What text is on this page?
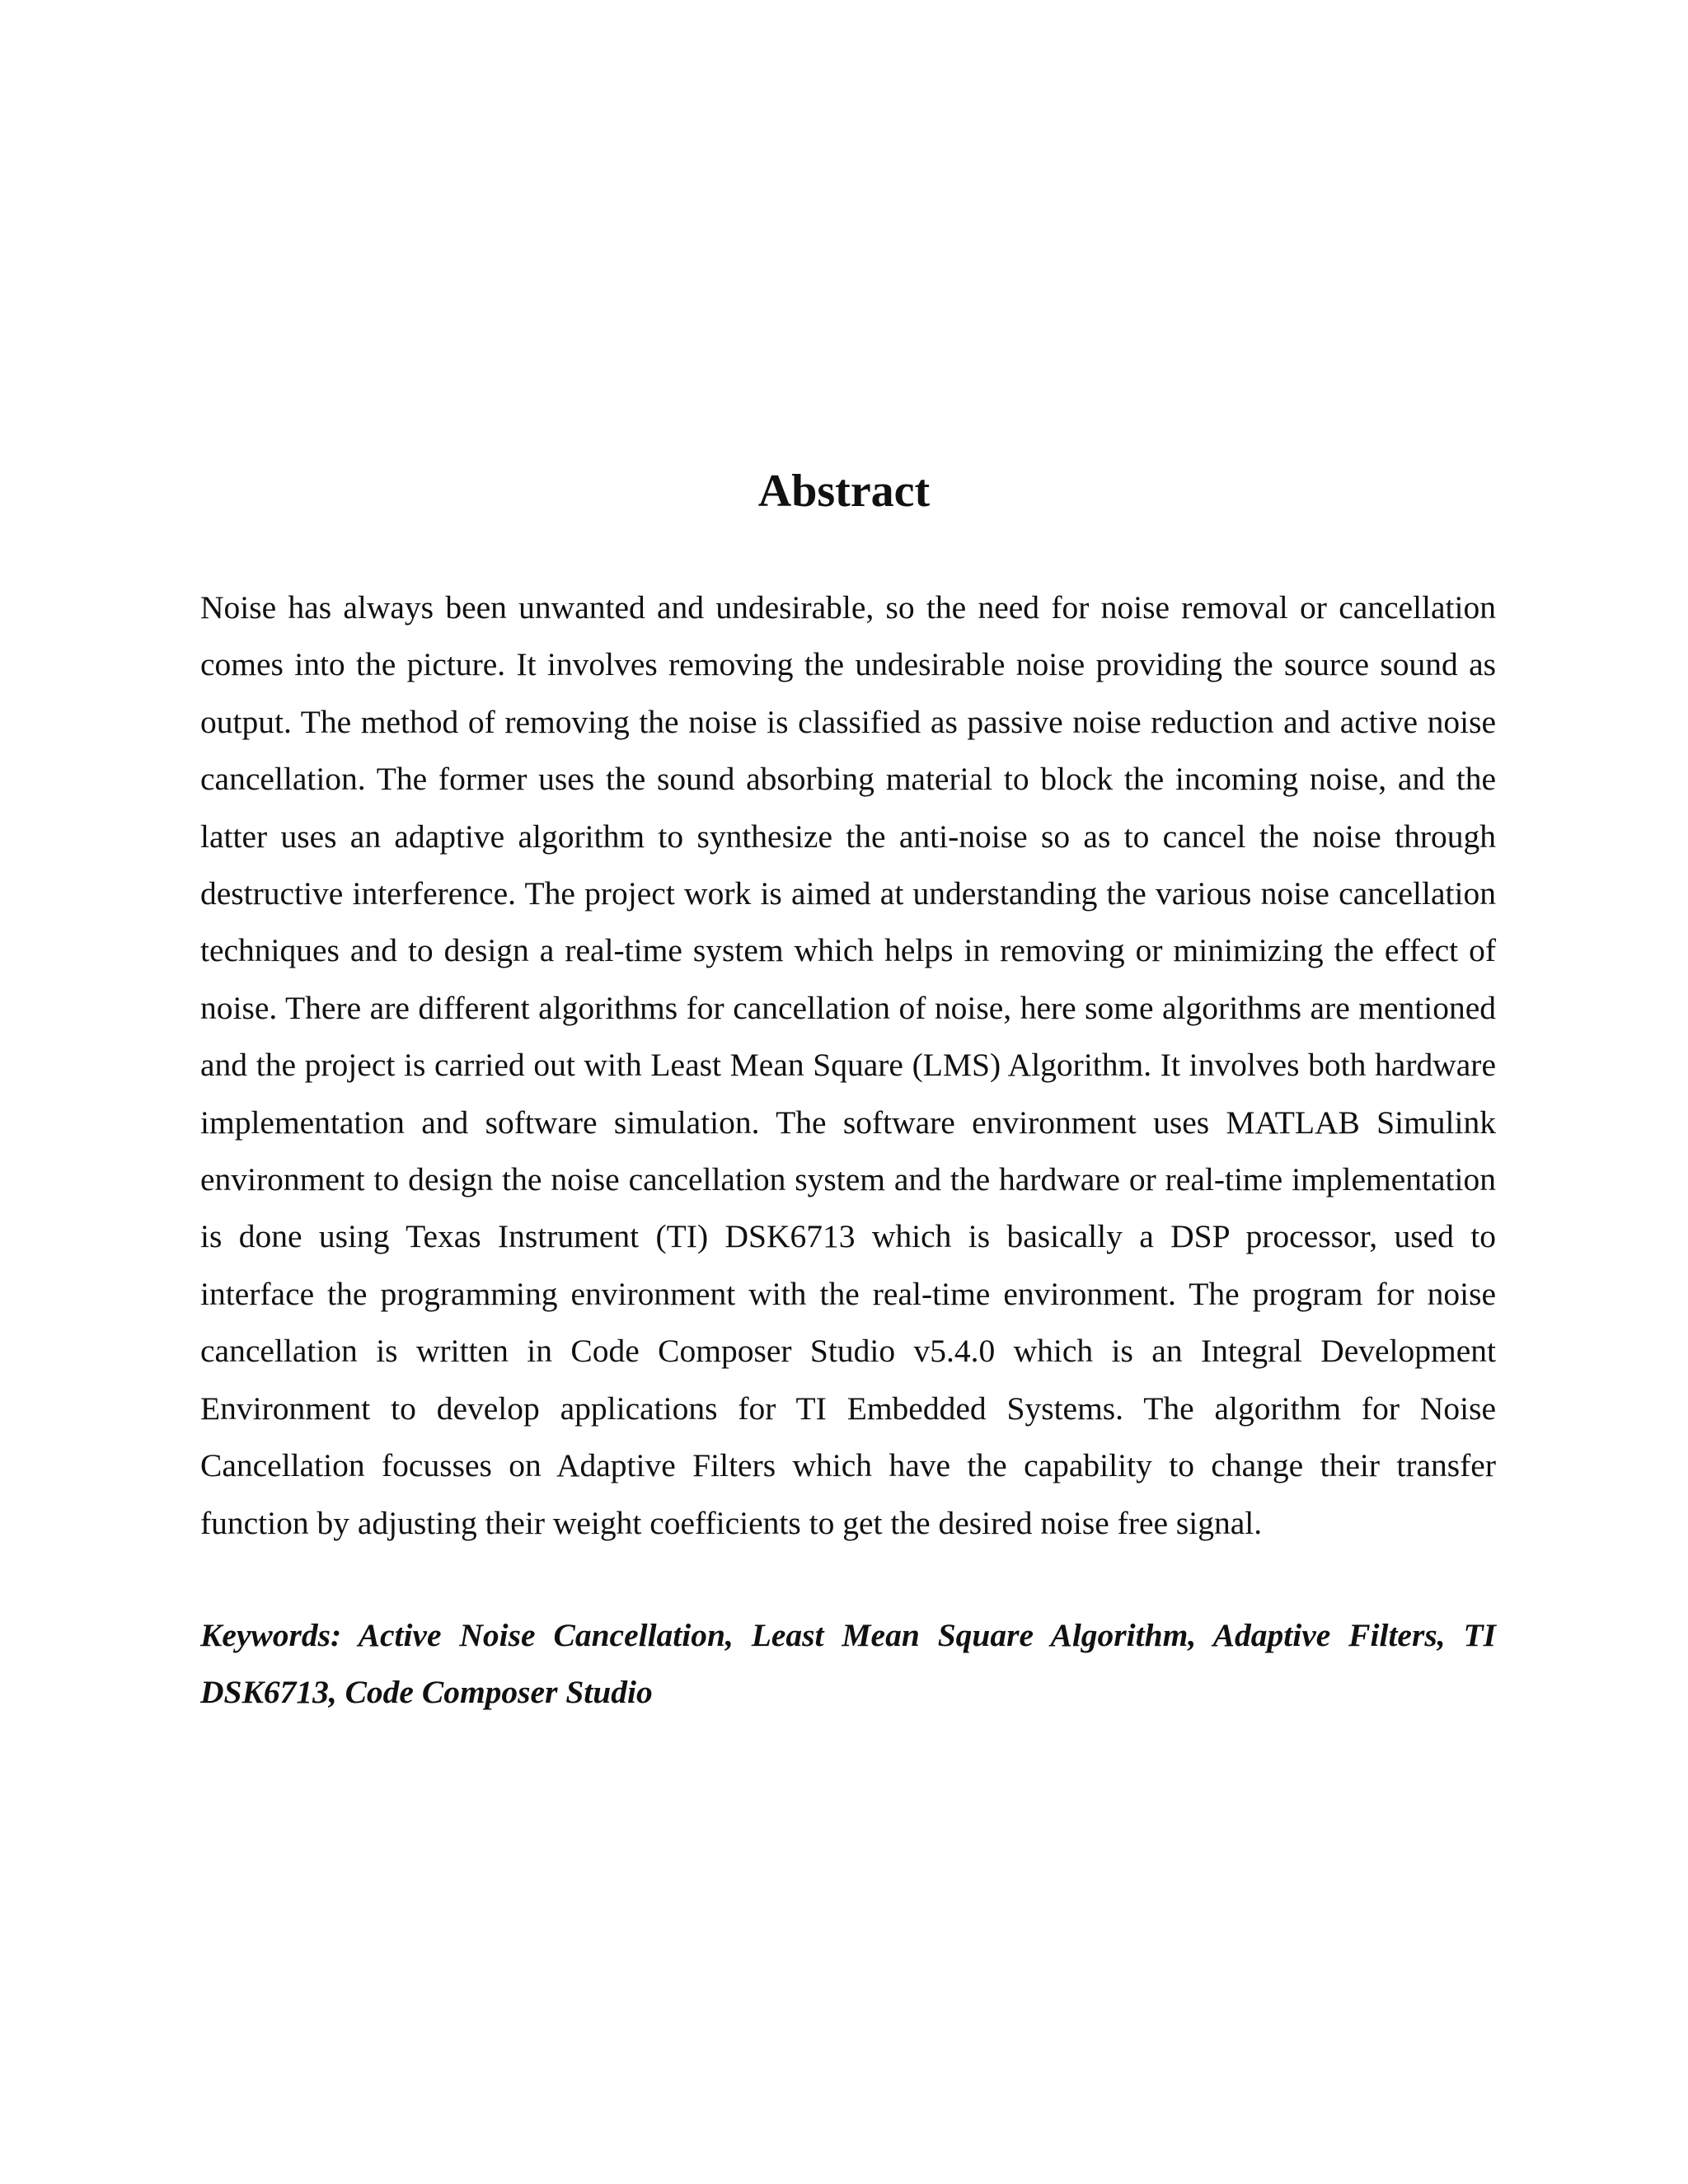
Abstract

Noise has always been unwanted and undesirable, so the need for noise removal or cancellation comes into the picture. It involves removing the undesirable noise providing the source sound as output. The method of removing the noise is classified as passive noise reduction and active noise cancellation. The former uses the sound absorbing material to block the incoming noise, and the latter uses an adaptive algorithm to synthesize the anti-noise so as to cancel the noise through destructive interference. The project work is aimed at understanding the various noise cancellation techniques and to design a real-time system which helps in removing or minimizing the effect of noise. There are different algorithms for cancellation of noise, here some algorithms are mentioned and the project is carried out with Least Mean Square (LMS) Algorithm. It involves both hardware implementation and software simulation. The software environment uses MATLAB Simulink environment to design the noise cancellation system and the hardware or real-time implementation is done using Texas Instrument (TI) DSK6713 which is basically a DSP processor, used to interface the programming environment with the real-time environment. The program for noise cancellation is written in Code Composer Studio v5.4.0 which is an Integral Development Environment to develop applications for TI Embedded Systems. The algorithm for Noise Cancellation focusses on Adaptive Filters which have the capability to change their transfer function by adjusting their weight coefficients to get the desired noise free signal.

Keywords: Active Noise Cancellation, Least Mean Square Algorithm, Adaptive Filters, TI DSK6713, Code Composer Studio
